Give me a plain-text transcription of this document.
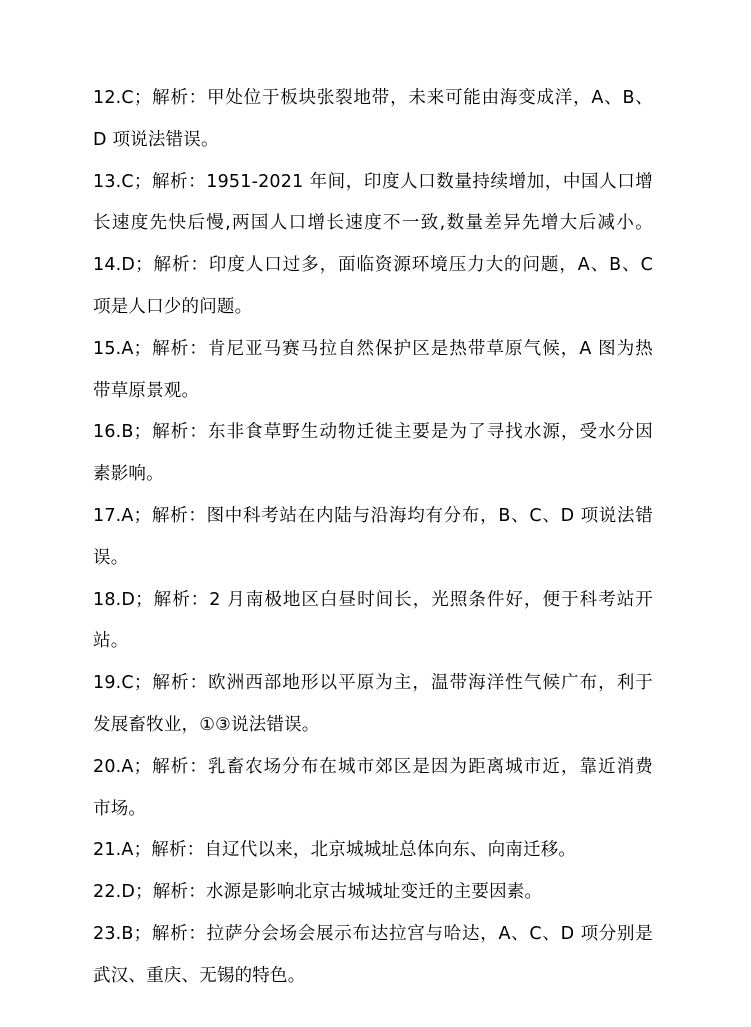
12.C；解析：甲处位于板块张裂地带，未来可能由海变成洋，A、B、
D 项说法错误。
13.C；解析：1951-2021 年间，印度人口数量持续增加，中国人口增
长速度先快后慢,两国人口增长速度不一致,数量差异先增大后减小。
14.D；解析：印度人口过多，面临资源环境压力大的问题，A、B、C
项是人口少的问题。
15.A；解析：肯尼亚马赛马拉自然保护区是热带草原气候，A 图为热
带草原景观。
16.B；解析：东非食草野生动物迁徙主要是为了寻找水源，受水分因
素影响。
17.A；解析：图中科考站在内陆与沿海均有分布，B、C、D 项说法错
误。
18.D；解析：2 月南极地区白昼时间长，光照条件好，便于科考站开
站。
19.C；解析：欧洲西部地形以平原为主，温带海洋性气候广布，利于
发展畜牧业，①③说法错误。
20.A；解析：乳畜农场分布在城市郊区是因为距离城市近，靠近消费
市场。
21.A；解析：自辽代以来，北京城城址总体向东、向南迁移。
22.D；解析：水源是影响北京古城城址变迁的主要因素。
23.B；解析：拉萨分会场会展示布达拉宫与哈达，A、C、D 项分别是
武汉、重庆、无锡的特色。
